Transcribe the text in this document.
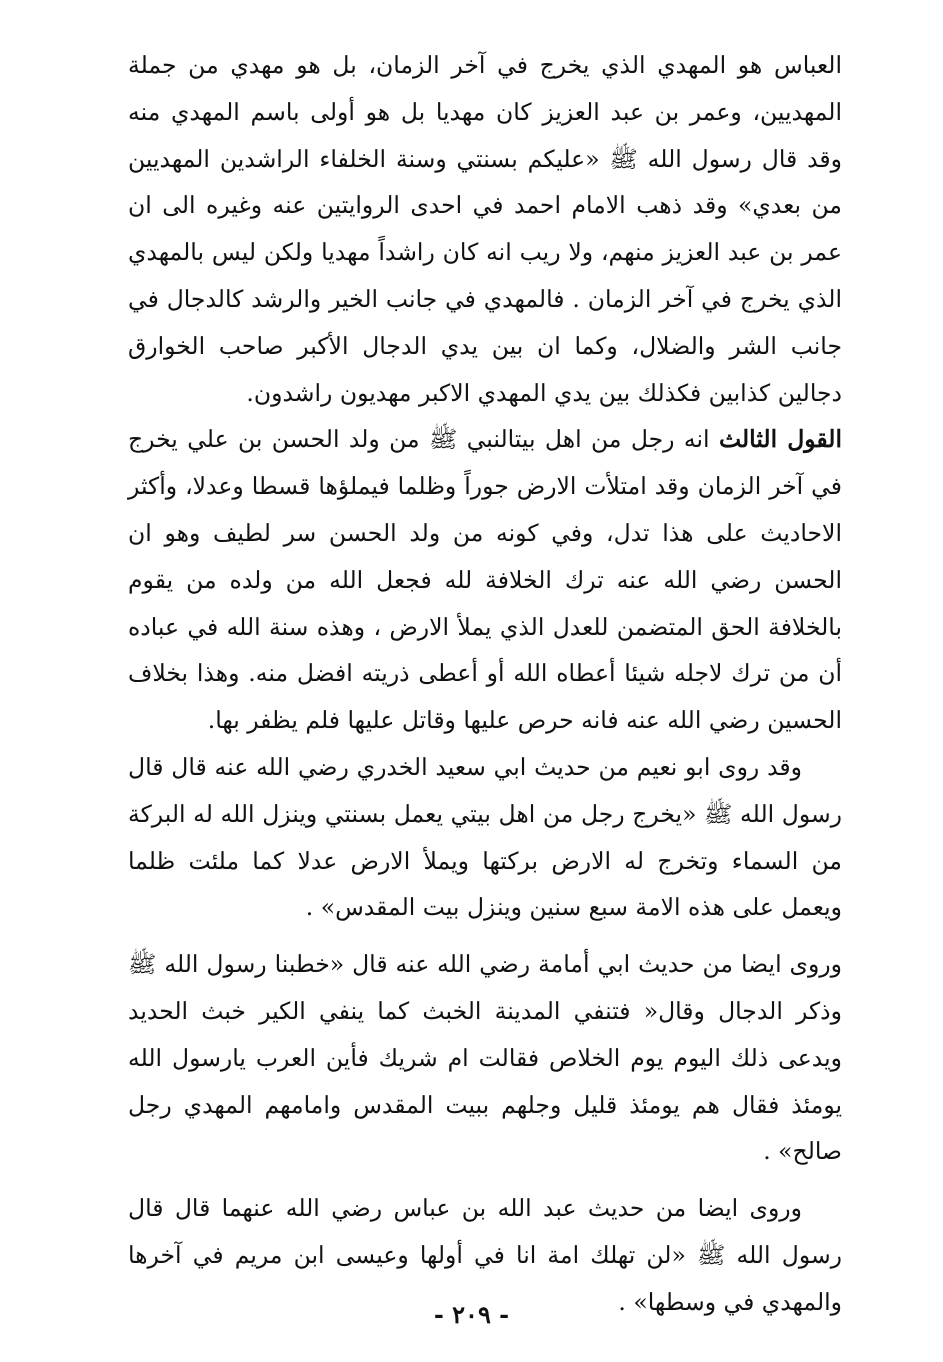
العباس هو المهدي الذي يخرج في آخر الزمان، بل هو مهدي من جملة المهديين، وعمر بن عبد العزيز كان مهديا بل هو أولى باسم المهدي منه وقد قال رسول الله ﷺ «عليكم بسنتي وسنة الخلفاء الراشدين المهديين من بعدي» وقد ذهب الامام احمد في احدى الروايتين عنه وغيره الى ان عمر بن عبد العزيز منهم، ولا ريب انه كان راشداً مهديا ولكن ليس بالمهدي الذي يخرج في آخر الزمان . فالمهدي في جانب الخير والرشد كالدجال في جانب الشر والضلال، وكما ان بين يدي الدجال الأكبر صاحب الخوارق دجالين كذابين فكذلك بين يدي المهدي الاكبر مهديون راشدون.

القول الثالث انه رجل من اهل بيتالنبي ﷺ من ولد الحسن بن علي يخرج في آخر الزمان وقد امتلأت الارض جوراً وظلما فيملؤها قسطا وعدلا، وأكثر الاحاديث على هذا تدل، وفي كونه من ولد الحسن سر لطيف وهو ان الحسن رضي الله عنه ترك الخلافة لله فجعل الله من ولده من يقوم بالخلافة الحق المتضمن للعدل الذي يملأ الارض ، وهذه سنة الله في عباده أن من ترك لاجله شيئا أعطاه الله أو أعطى ذريته افضل منه. وهذا بخلاف الحسين رضي الله عنه فانه حرص عليها وقاتل عليها فلم يظفر بها.

وقد روى ابو نعيم من حديث ابي سعيد الخدري رضي الله عنه قال قال رسول الله ﷺ «يخرج رجل من اهل بيتي يعمل بسنتي وينزل الله له البركة من السماء وتخرج له الارض بركتها ويملأ الارض عدلا كما ملئت ظلما ويعمل على هذه الامة سبع سنين وينزل بيت المقدس» .

وروى ايضا من حديث ابي أمامة رضي الله عنه قال «خطبنا رسول الله ﷺ وذكر الدجال وقال« فتنفي المدينة الخبث كما ينفي الكير خبث الحديد ويدعى ذلك اليوم يوم الخلاص فقالت ام شريك فأين العرب يارسول الله يومئذ فقال هم يومئذ قليل وجلهم ببيت المقدس وامامهم المهدي رجل صالح» .

وروى ايضا من حديث عبد الله بن عباس رضي الله عنهما قال قال رسول الله ﷺ «لن تهلك امة انا في أولها وعيسى ابن مريم في آخرها والمهدي في وسطها» .

- ٢٠٩ -
